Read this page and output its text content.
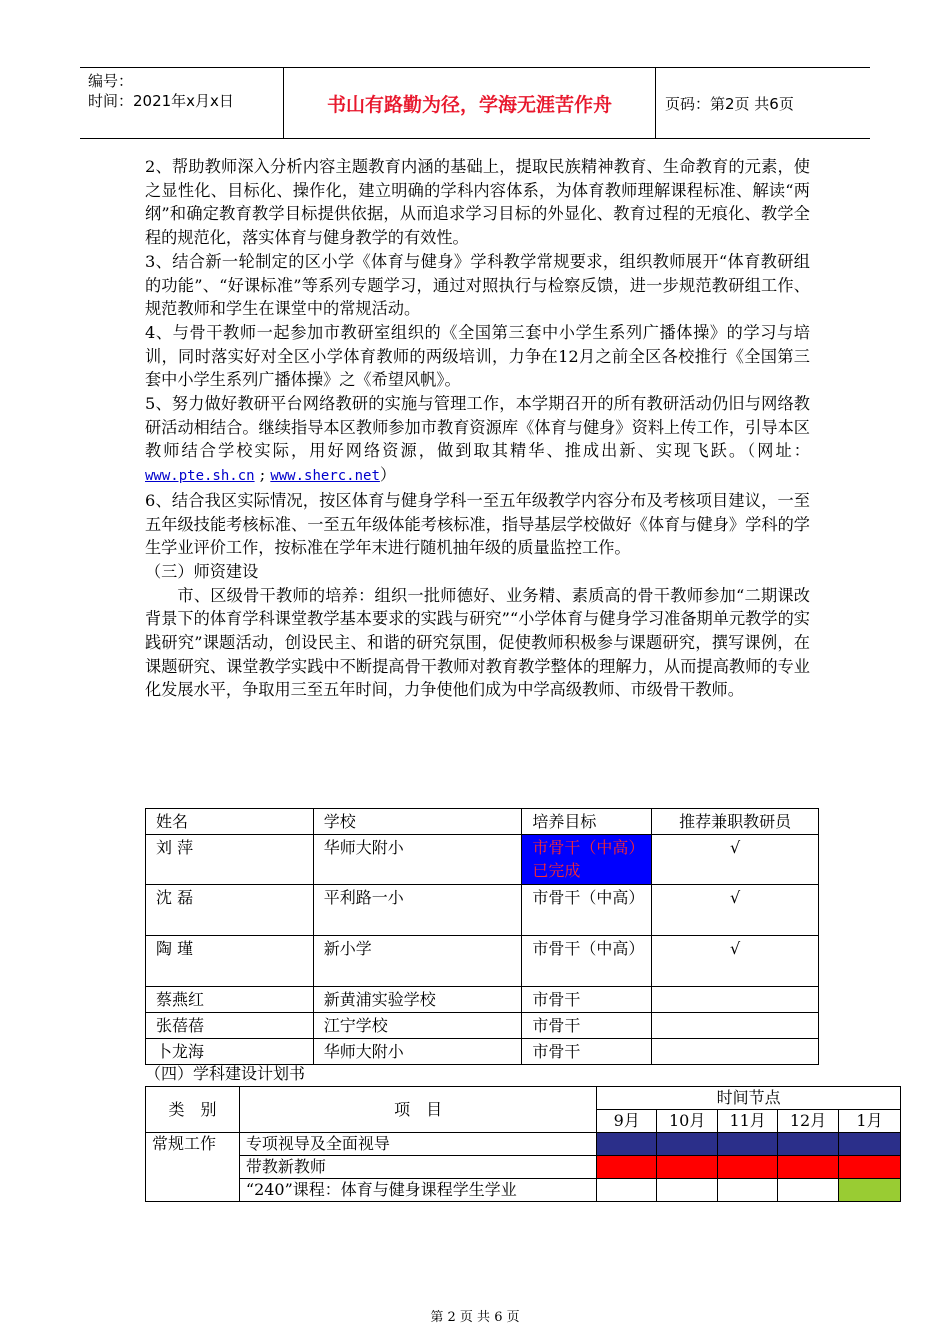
编号：
时间：2021年x月x日	书山有路勤为径，学海无涯苦作舟	页码：第2页 共6页

2、帮助教师深入分析内容主题教育内涵的基础上，提取民族精神教育、生命教育的元素，使之显性化、目标化、操作化，建立明确的学科内容体系，为体育教师理解课程标准、解读“两纲”和确定教育教学目标提供依据，从而追求学习目标的外显化、教育过程的无痕化、教学全程的规范化，落实体育与健身教学的有效性。

3、结合新一轮制定的区小学《体育与健身》学科教学常规要求，组织教师展开“体育教研组的功能”、“好课标准”等系列专题学习，通过对照执行与检察反馈，进一步规范教研组工作、规范教师和学生在课堂中的常规活动。

4、与骨干教师一起参加市教研室组织的《全国第三套中小学生系列广播体操》的学习与培训，同时落实好对全区小学体育教师的两级培训，力争在12月之前全区各校推行《全国第三套中小学生系列广播体操》之《希望风帆》。

5、努力做好教研平台网络教研的实施与管理工作，本学期召开的所有教研活动仍旧与网络教研活动相结合。继续指导本区教师参加市教育资源库《体育与健身》资料上传工作，引导本区教师结合学校实际，用好网络资源，做到取其精华、推成出新、实现飞跃。（网址：www.pte.sh.cn ; www.sherc.net）

6、结合我区实际情况，按区体育与健身学科一至五年级教学内容分布及考核项目建议，一至五年级技能考核标准、一至五年级体能考核标准，指导基层学校做好《体育与健身》学科的学生学业评价工作，按标准在学年末进行随机抽年级的质量监控工作。

（三）师资建设

市、区级骨干教师的培养：组织一批师德好、业务精、素质高的骨干教师参加“二期课改背景下的体育学科课堂教学基本要求的实践与研究”“小学体育与健身学习准备期单元教学的实践研究”课题活动，创设民主、和谐的研究氛围，促使教师积极参与课题研究，撰写课例，在课题研究、课堂教学实践中不断提高骨干教师对教育教学整体的理解力，从而提高教师的专业化发展水平，争取用三至五年时间，力争使他们成为中学高级教师、市级骨干教师。

姓名	学校	培养目标	推荐兼职教研员
刘 萍	华师大附小	市骨干（中高）已完成	√
沈 磊	平利路一小	市骨干（中高）	√
陶 瑾	新小学	市骨干（中高）	√
蔡燕红	新黄浦实验学校	市骨干	
张蓓蓓	江宁学校	市骨干	
卜龙海	华师大附小	市骨干	
（四）学科建设计划书
类　别	项　目	时间节点				
		9月	10月	11月	12月	1月
常规工作	专项视导及全面视导					
	带教新教师					
	“240”课程：体育与健身课程学生学业					
第 2 页 共 6 页
